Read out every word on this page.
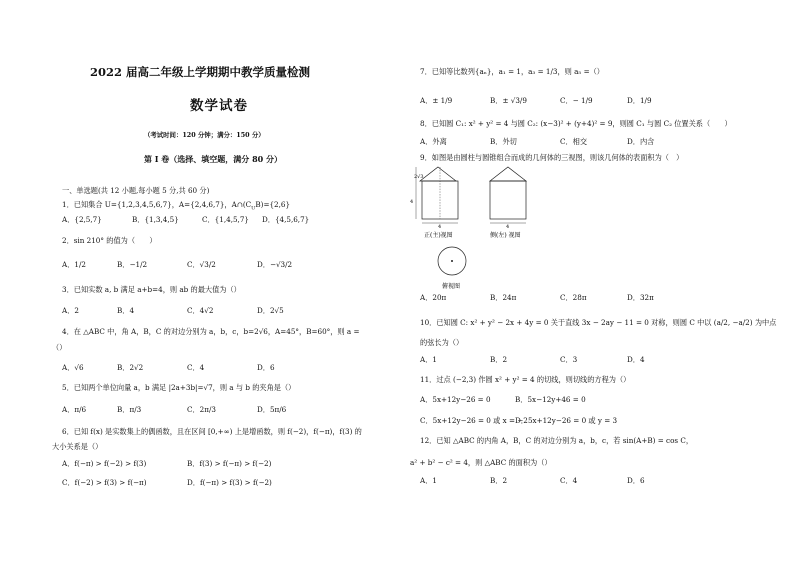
2022 届高二年级上学期期中教学质量检测
数学试卷
（考试时间：120 分钟；满分：150 分）
第 Ⅰ 卷（选择、填空题，满分 80 分）
一、单选题(共 12 小题,每小题 5 分,共 60 分)
1．已知集合 U={1,2,3,4,5,6,7}，A={2,4,6,7}，$A\cap(C_UB)=\{2,6\}$
A．{2,5,7}	B．{1,3,4,5}	C．{1,4,5,7} D．{4,5,6,7}
2．sin 210° 的值为（　　）
A．1/2	B．−1/2	C．√3/2	D．−√3/2
3．已知实数 a, b 满足 a+b=4，则 ab 的最大值为（）
A．2	B．4	C．4√2	D．2√5
4．在 △ABC 中，角 A，B，C 的对边分别为 a，b，c，b=2√6，A=45°，B=60°，则 a =
（）
A．√6	B．2√2	C．4	D．6
5．已知两个单位向量 a，b 满足 |2a+3b|=√7，则 a 与 b 的夹角是（）
A．π/6	B．π/3	C．2π/3	D．5π/6
6．已知 f(x) 是实数集上的偶函数，且在区间 [0,+∞) 上是增函数，则 f(−2)，f(−π)，f(3) 的
大小关系是（）
A．f(−π) > f(−2) > f(3)	B．f(3) > f(−π) > f(−2)
C．f(−2) > f(3) > f(−π)	D．f(−π) > f(3) > f(−2)
7．已知等比数列{aₙ}，a₁ = 1，a₃ = 1/3，则 a₅ =（）
A．± 1/9	B．± √3/9	C．− 1/9	D．1/9
8．已知圆 C₁: x² + y² = 4 与圆 C₂: (x−3)² + (y+4)² = 9，则圆 C₁ 与圆 C₂ 位置关系（　　）
A．外离	B．外切	C．相交	D．内含
9．如图是由圆柱与圆锥组合而成的几何体的三视图，则该几何体的表面积为（　）
2√3
4
4
正(主)视图
4
侧(左) 视图
俯视图
A．20π	B．24π	C．28π	D．32π
10．已知圆 C: x² + y² − 2x + 4y = 0 关于直线 3x − 2ay − 11 = 0 对称，则圆 C 中以 (a/2, −a/2) 为中点
的弦长为（）
A．1	B．2	C．3	D．4
11．过点 (−2,3) 作圆 x² + y² = 4 的切线，则切线的方程为（）
A．5x+12y−26 = 0	B．5x−12y+46 = 0
C．5x+12y−26 = 0 或 x = −2
D．5x+12y−26 = 0 或 y = 3
12．已知 △ABC 的内角 A，B，C 的对边分别为 a，b，c，若 sin(A+B) = cos C，
a² + b² − c² = 4，则 △ABC 的面积为（）
A．1	B．2	C．4	D．6
